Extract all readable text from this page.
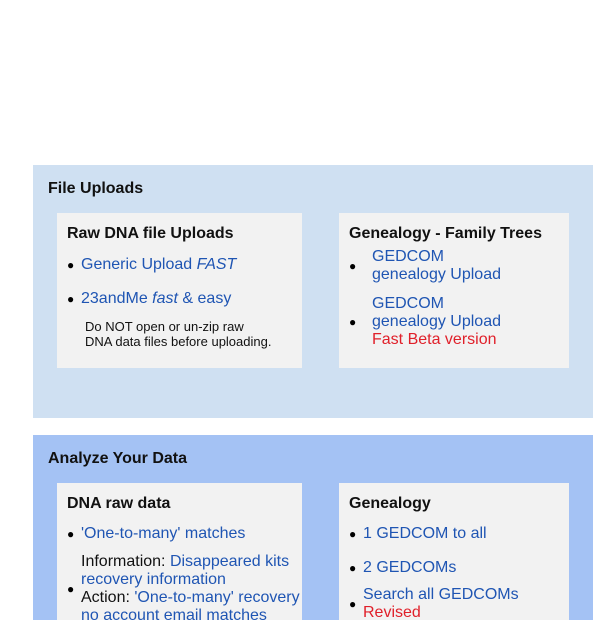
File Uploads
Raw DNA file Uploads
● Generic Upload FAST
● 23andMe fast & easy
Do NOT open or un-zip raw
DNA data files before uploading.
Genealogy - Family Trees
●
GEDCOM
genealogy Upload
●
GEDCOM
genealogy Upload
Fast Beta version
Analyze Your Data
DNA raw data
● 'One-to-many' matches
●
Information: Disappeared kits
recovery information
Action: 'One-to-many' recovery
no account email matches
Genealogy
● 1 GEDCOM to all
● 2 GEDCOMs
●
Search all GEDCOMs
Revised
